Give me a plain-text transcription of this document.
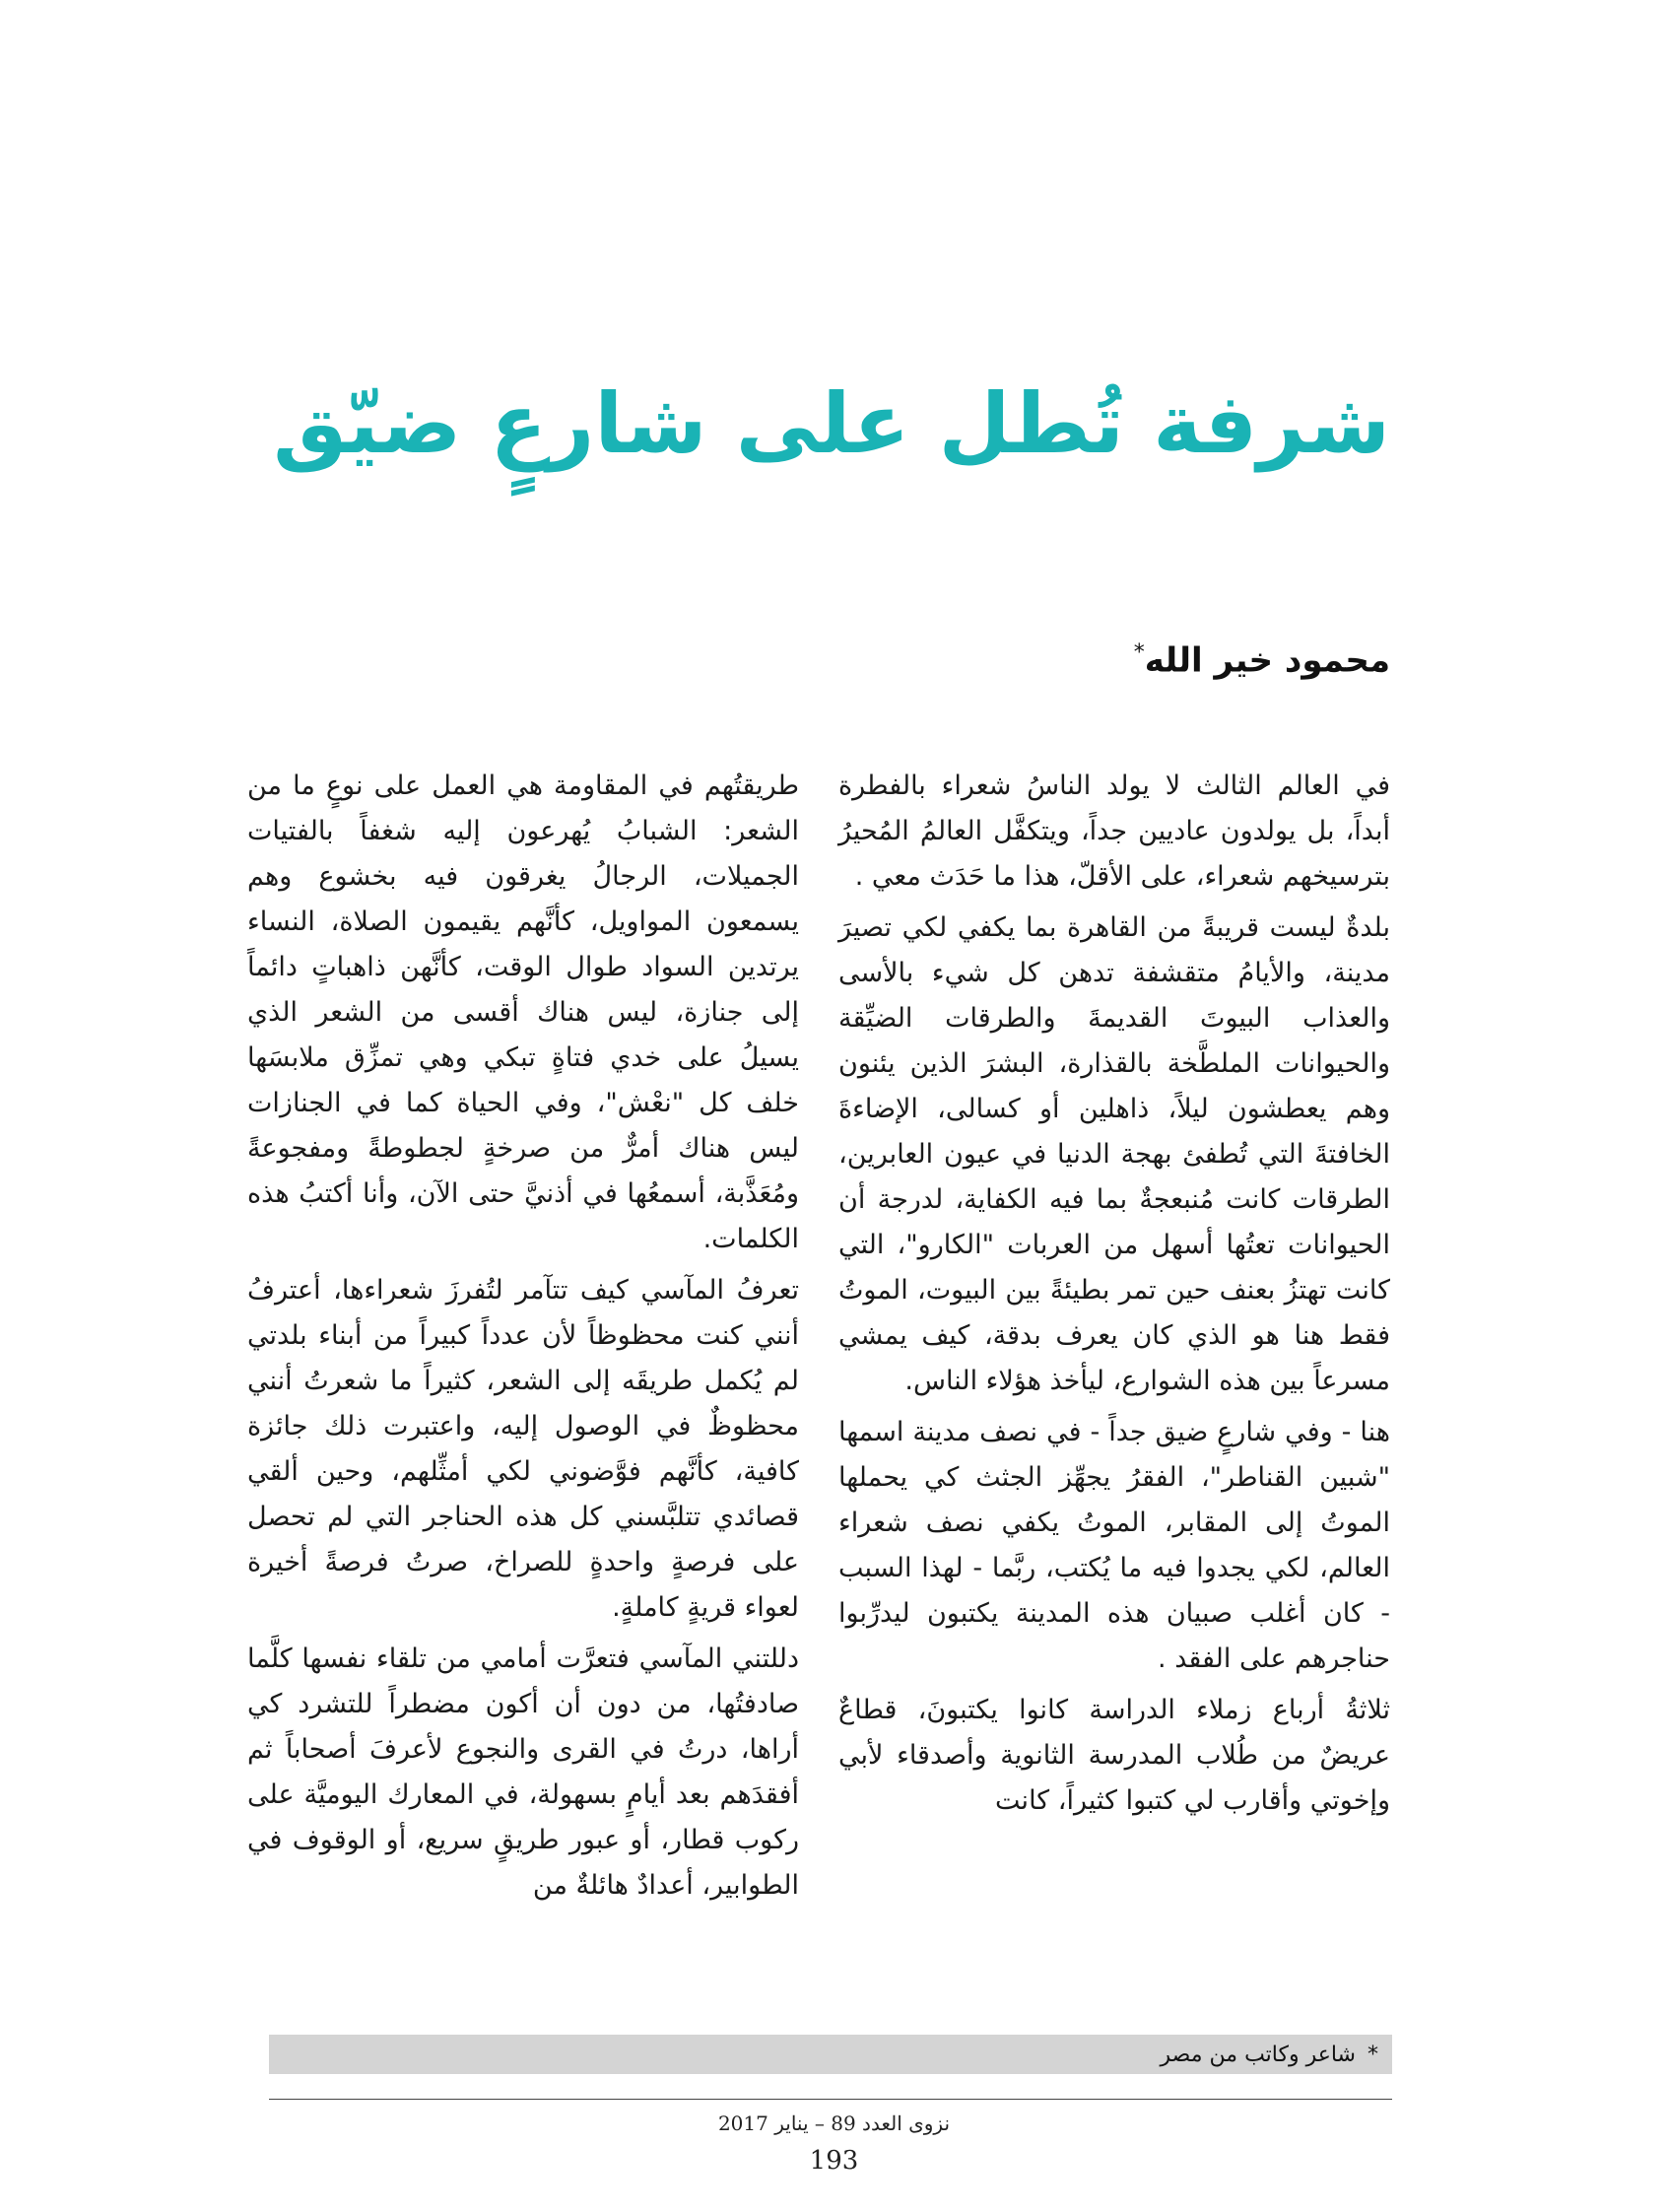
شرفة تُطل على شارعٍ ضيّق
محمود خير الله*

في العالم الثالث لا يولد الناسُ شعراء بالفطرة أبداً، بل يولدون عاديين جداً، ويتكفَّل العالمُ المُحيرُ بترسيخهم شعراء، على الأقلّ، هذا ما حَدَث معي .

بلدةٌ ليست قريبةً من القاهرة بما يكفي لكي تصيرَ مدينة، والأيامُ متقشفة تدهن كل شيء بالأسى والعذاب البيوتَ القديمةَ والطرقات الضيِّقة والحيوانات الملطَّخة بالقذارة، البشرَ الذين يئنون وهم يعطشون ليلاً، ذاهلين أو كسالى، الإضاءةَ الخافتةَ التي تُطفئ بهجة الدنيا في عيون العابرين، الطرقات كانت مُنبعجةٌ بما فيه الكفاية، لدرجة أن الحيوانات تعتُها أسهل من العربات "الكارو"، التي كانت تهتزُ بعنف حين تمر بطيئةً بين البيوت، الموتُ فقط هنا هو الذي كان يعرف بدقة، كيف يمشي مسرعاً بين هذه الشوارع، ليأخذ هؤلاء الناس.

هنا - وفي شارعٍ ضيق جداً - في نصف مدينة اسمها "شبين القناطر"، الفقرُ يجهِّز الجثث كي يحملها الموتُ إلى المقابر، الموتُ يكفي نصف شعراء العالم، لكي يجدوا فيه ما يُكتب، ربَّما - لهذا السبب - كان أغلب صبيان هذه المدينة يكتبون ليدرِّبوا حناجرهم على الفقد .

ثلاثةُ أرباع زملاء الدراسة كانوا يكتبونَ، قطاعٌ عريضٌ من طُلاب المدرسة الثانوية وأصدقاء لأبي وإخوتي وأقارب لي كتبوا كثيراً، كانت

طريقتُهم في المقاومة هي العمل على نوعٍ ما من الشعر: الشبابُ يُهرعون إليه شغفاً بالفتيات الجميلات، الرجالُ يغرقون فيه بخشوع وهم يسمعون المواويل، كأنَّهم يقيمون الصلاة، النساء يرتدين السواد طوال الوقت، كأنَّهن ذاهباتٍ دائماً إلى جنازة، ليس هناك أقسى من الشعر الذي يسيلُ على خدي فتاةٍ تبكي وهي تمزِّق ملابسَها خلف كل "نعْش"، وفي الحياة كما في الجنازات ليس هناك أمرٌّ من صرخةٍ لجطوطةً ومفجوعةً ومُعَذَّبة، أسمعُها في أذنيَّ حتى الآن، وأنا أكتبُ هذه الكلمات.

تعرفُ المآسي كيف تتآمر لتُفرزَ شعراءها، أعترفُ أنني كنت محظوظاً لأن عدداً كبيراً من أبناء بلدتي لم يُكمل طريقَه إلى الشعر، كثيراً ما شعرتُ أنني محظوظٌ في الوصول إليه، واعتبرت ذلك جائزة كافية، كأنَّهم فوَّضوني لكي أمثِّلهم، وحين ألقي قصائدي تتلبَّسني كل هذه الحناجر التي لم تحصل على فرصةٍ واحدةٍ للصراخ، صرتُ فرصةً أخيرة لعواء قريةٍ كاملةٍ.

دللتني المآسي فتعرَّت أمامي من تلقاء نفسها كلَّما صادفتُها، من دون أن أكون مضطراً للتشرد كي أراها، درتُ في القرى والنجوع لأعرفَ أصحاباً ثم أفقدَهم بعد أيامٍ بسهولة، في المعارك اليوميَّة على ركوب قطار، أو عبور طريقٍ سريع، أو الوقوف في الطوابير، أعدادٌ هائلةٌ من

*
شاعر وكاتب من مصر
نزوى العدد 89 – يناير 2017
193
